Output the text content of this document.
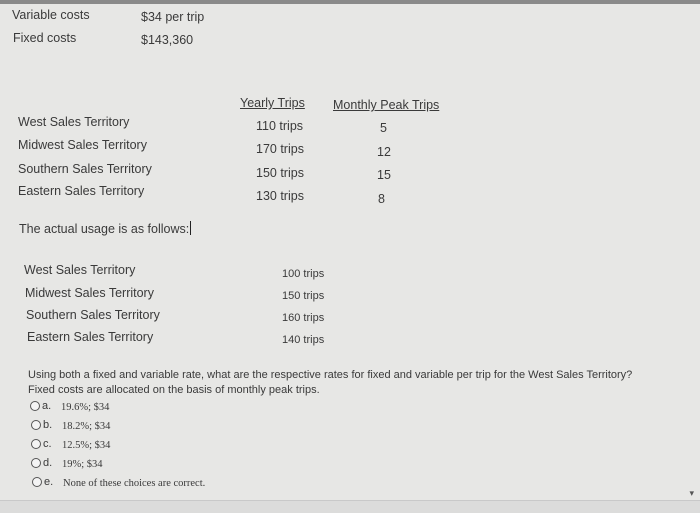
Variable costs	$34 per trip
Fixed costs	$143,360
Yearly Trips Monthly Peak Trips
West Sales Territory	110 trips	5
Midwest Sales Territory	170 trips	12
Southern Sales Territory	150 trips	15
Eastern Sales Territory	130 trips	8
The actual usage is as follows:
West Sales Territory	100 trips
Midwest Sales Territory	150 trips
Southern Sales Territory	160 trips
Eastern Sales Territory	140 trips
Using both a fixed and variable rate, what are the respective rates for fixed and variable per trip for the West Sales Territory?
Fixed costs are allocated on the basis of monthly peak trips.
a. 19.6%; $34
b. 18.2%; $34
c. 12.5%; $34
d. 19%; $34
e. None of these choices are correct.
▾
